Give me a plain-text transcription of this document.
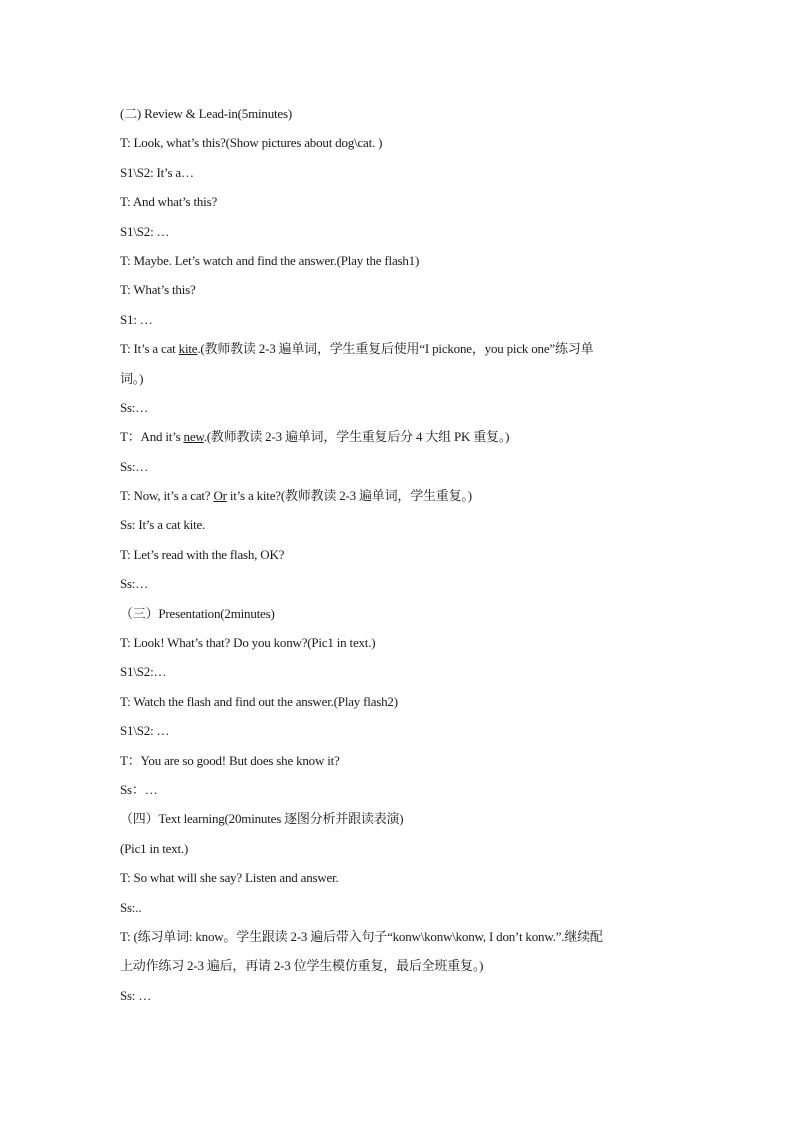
(二) Review & Lead-in(5minutes)
T: Look, what’s this?(Show pictures about dog\cat. )
S1\S2: It’s a…
T: And what’s this?
S1\S2: …
T: Maybe. Let’s watch and find the answer.(Play the flash1)
T: What’s this?
S1: …
T: It’s a cat kite.(教师教读 2-3 遍单词，学生重复后使用“I pickone，you pick one”练习单
词。)
Ss:…
T：And it’s new.(教师教读 2-3 遍单词，学生重复后分 4 大组 PK 重复。)
Ss:…
T: Now, it’s a cat? Or it’s a kite?(教师教读 2-3 遍单词，学生重复。)
Ss: It’s a cat kite.
T: Let’s read with the flash, OK?
Ss:…
（三）Presentation(2minutes)
T: Look! What’s that? Do you konw?(Pic1 in text.)
S1\S2:…
T: Watch the flash and find out the answer.(Play flash2)
S1\S2: …
T：You are so good! But does she know it?
Ss：…
（四）Text learning(20minutes 逐图分析并跟读表演)
(Pic1 in text.)
T: So what will she say? Listen and answer.
Ss:..
T: (练习单词: know。学生跟读 2-3 遍后带入句子“konw\konw\konw, I don’t konw.”.继续配
上动作练习 2-3 遍后，再请 2-3 位学生模仿重复，最后全班重复。)
Ss: …
